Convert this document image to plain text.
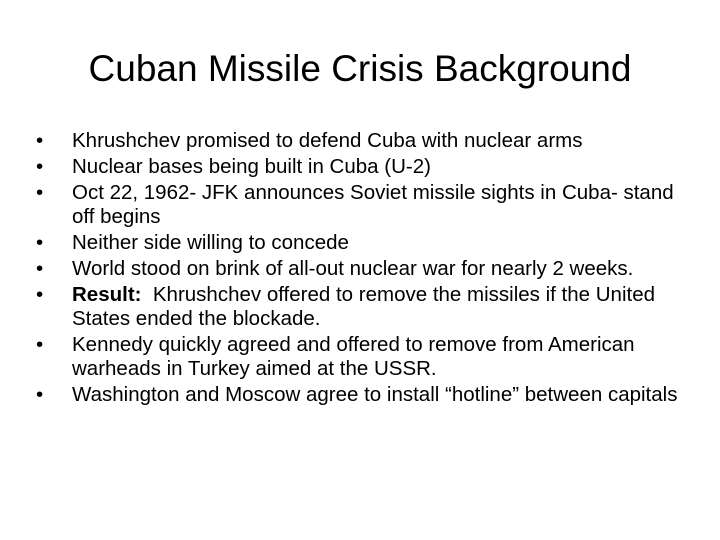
Cuban Missile Crisis Background
•	Khrushchev promised to defend Cuba with nuclear arms
•	Nuclear bases being built in Cuba (U-2)
•	Oct 22, 1962- JFK announces Soviet missile sights in Cuba- stand off begins
•	Neither side willing to concede
•	World stood on brink of all-out nuclear war for nearly 2 weeks.
•	Result:  Khrushchev offered to remove the missiles if the United States ended the blockade.
•	Kennedy quickly agreed and offered to remove from American warheads in Turkey aimed at the USSR.
•	Washington and Moscow agree to install “hotline” between capitals
